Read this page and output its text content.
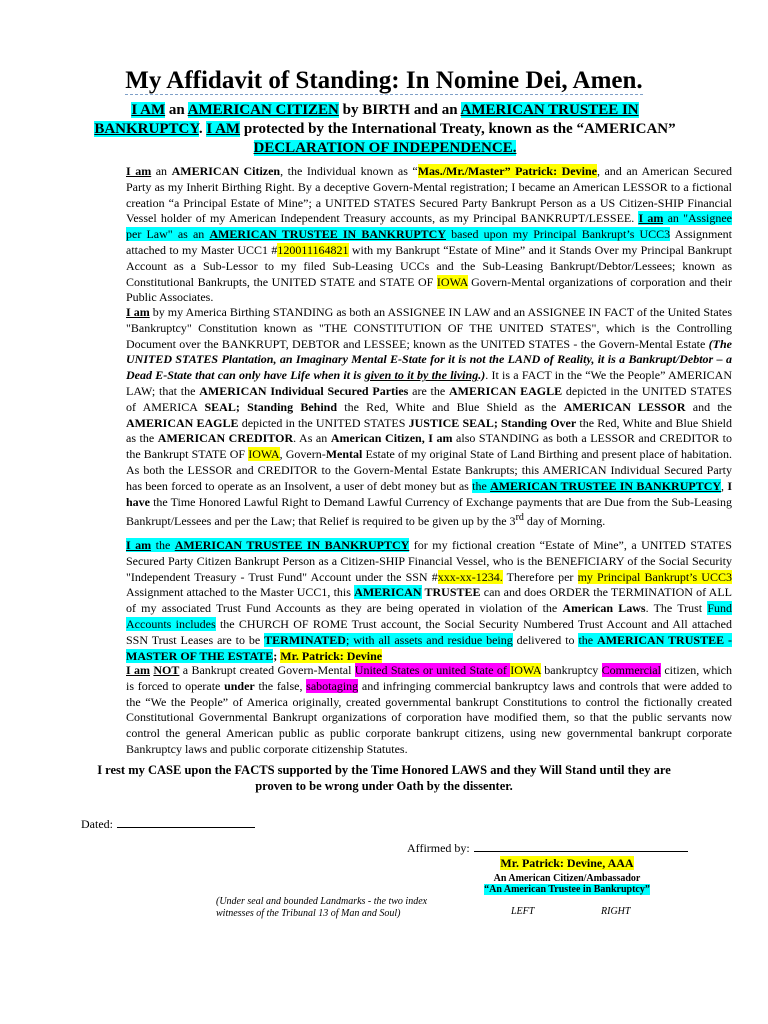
My Affidavit of Standing: In Nomine Dei, Amen.
I AM an AMERICAN CITIZEN by BIRTH and an AMERICAN TRUSTEE IN BANKRUPTCY. I AM protected by the International Treaty, known as the “AMERICAN” DECLARATION OF INDEPENDENCE.
I am an AMERICAN Citizen, the Individual known as “Mas./Mr./Master” Patrick: Devine, and an American Secured Party as my Inherit Birthing Right. By a deceptive Govern-Mental registration; I became an American LESSOR to a fictional creation “a Principal Estate of Mine”; a UNITED STATES Secured Party Bankrupt Person as a US Citizen-SHIP Financial Vessel holder of my American Independent Treasury accounts, as my Principal BANKRUPT/LESSEE. I am an "Assignee per Law" as an AMERICAN TRUSTEE IN BANKRUPTCY based upon my Principal Bankrupt’s UCC3 Assignment attached to my Master UCC1 #120011164821 with my Bankrupt “Estate of Mine” and it Stands Over my Principal Bankrupt Account as a Sub-Lessor to my filed Sub-Leasing UCCs and the Sub-Leasing Bankrupt/Debtor/Lessees; known as Constitutional Bankrupts, the UNITED STATE and STATE OF IOWA Govern-Mental organizations of corporation and their Public Associates.
I am by my America Birthing STANDING as both an ASSIGNEE IN LAW and an ASSIGNEE IN FACT of the United States "Bankruptcy" Constitution known as "THE CONSTITUTION OF THE UNITED STATES", which is the Controlling Document over the BANKRUPT, DEBTOR and LESSEE; known as the UNITED STATES - the Govern-Mental Estate (The UNITED STATES Plantation, an Imaginary Mental E-State for it is not the LAND of Reality, it is a Bankrupt/Debtor – a Dead E-State that can only have Life when it is given to it by the living.). It is a FACT in the “We the People” AMERICAN LAW; that the AMERICAN Individual Secured Parties are the AMERICAN EAGLE depicted in the UNITED STATES of AMERICA SEAL; Standing Behind the Red, White and Blue Shield as the AMERICAN LESSOR and the AMERICAN EAGLE depicted in the UNITED STATES JUSTICE SEAL; Standing Over the Red, White and Blue Shield as the AMERICAN CREDITOR. As an American Citizen, I am also STANDING as both a LESSOR and CREDITOR to the Bankrupt STATE OF IOWA, Govern-Mental Estate of my original State of Land Birthing and present place of habitation. As both the LESSOR and CREDITOR to the Govern-Mental Estate Bankrupts; this AMERICAN Individual Secured Party has been forced to operate as an Insolvent, a user of debt money but as the AMERICAN TRUSTEE IN BANKRUPTCY, I have the Time Honored Lawful Right to Demand Lawful Currency of Exchange payments that are Due from the Sub-Leasing Bankrupt/Lessees and per the Law; that Relief is required to be given up by the 3rd day of Morning.
I am the AMERICAN TRUSTEE IN BANKRUPTCY for my fictional creation “Estate of Mine”, a UNITED STATES Secured Party Citizen Bankrupt Person as a Citizen-SHIP Financial Vessel, who is the BENEFICIARY of the Social Security "Independent Treasury - Trust Fund" Account under the SSN #xxx-xx-1234. Therefore per my Principal Bankrupt’s UCC3 Assignment attached to the Master UCC1, this AMERICAN TRUSTEE can and does ORDER the TERMINATION of ALL of my associated Trust Fund Accounts as they are being operated in violation of the American Laws. The Trust Fund Accounts includes the CHURCH OF ROME Trust account, the Social Security Numbered Trust Account and All attached SSN Trust Leases are to be TERMINATED; with all assets and residue being delivered to the AMERICAN TRUSTEE - MASTER OF THE ESTATE; Mr. Patrick: Devine
I am NOT a Bankrupt created Govern-Mental United States or united State of IOWA bankruptcy Commercial citizen, which is forced to operate under the false, sabotaging and infringing commercial bankruptcy laws and controls that were added to the “We the People” of America originally, created governmental bankrupt Constitutions to control the fictionally created Constitutional Governmental Bankrupt organizations of corporation have modified them, so that the public servants now control the general American public as public corporate bankrupt citizens, using new governmental bankrupt corporate Bankruptcy laws and public corporate citizenship Statutes.
I rest my CASE upon the FACTS supported by the Time Honored LAWS and they Will Stand until they are proven to be wrong under Oath by the dissenter.
Dated:
Affirmed by:
Mr. Patrick: Devine, AAA
An American Citizen/Ambassador
“An American Trustee in Bankruptcy”
(Under seal and bounded Landmarks - the two index
witnesses of the Tribunal 13 of Man and Soul)	LEFT	RIGHT
